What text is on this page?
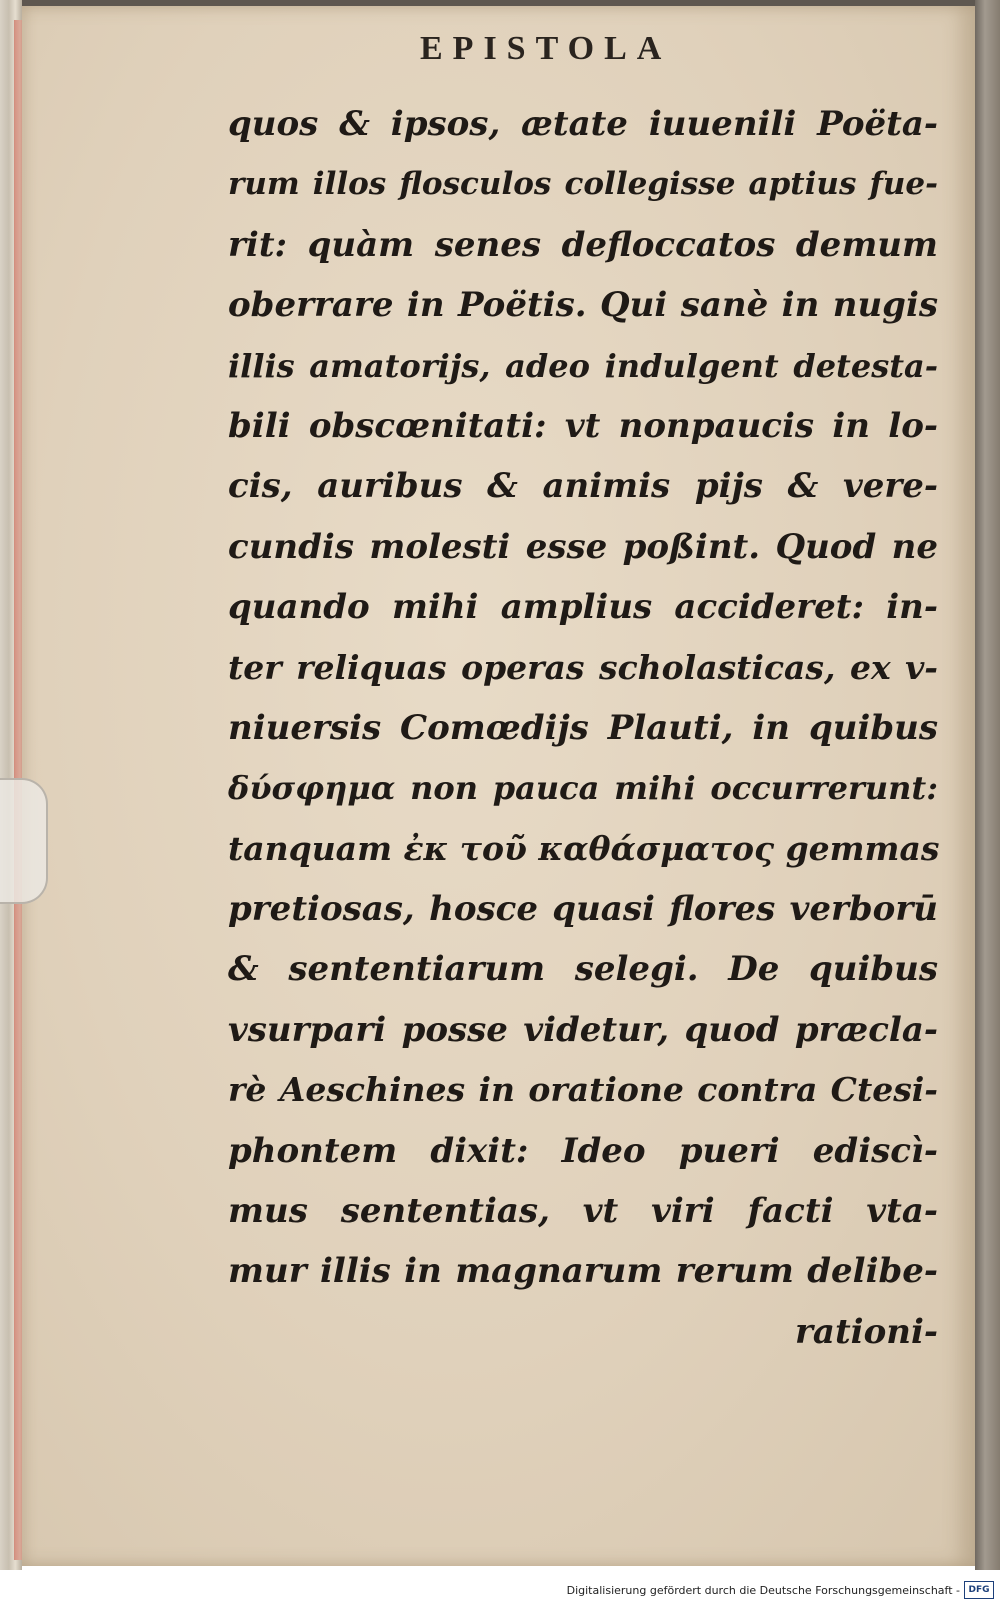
EPISTOLA
quos & ipsos, ætate iuuenili Poëta-
rum illos flosculos collegisse aptius fue-
rit: quàm senes defloccatos demum
oberrare in Poëtis. Qui sanè in nugis
illis amatorijs, adeo indulgent detesta-
bili obscœnitati: vt nonpaucis in lo-
cis, auribus & animis pijs & vere-
cundis molesti esse poßint. Quod ne
quando mihi amplius accideret: in-
ter reliquas operas scholasticas, ex v-
niuersis Comœdijs Plauti, in quibus
δύσφημα non pauca mihi occurrerunt:
tanquam ἐκ τοῦ καθάσματος gemmas
pretiosas, hosce quasi flores verborū
& sententiarum selegi. De quibus
vsurpari posse videtur, quod præcla-
rè Aeschines in oratione contra Ctesi-
phontem dixit: Ideo pueri ediscì-
mus sententias, vt viri facti vta-
mur illis in magnarum rerum delibe-
rationi-
Digitalisierung gefördert durch die Deutsche Forschungsgemeinschaft - DFG
